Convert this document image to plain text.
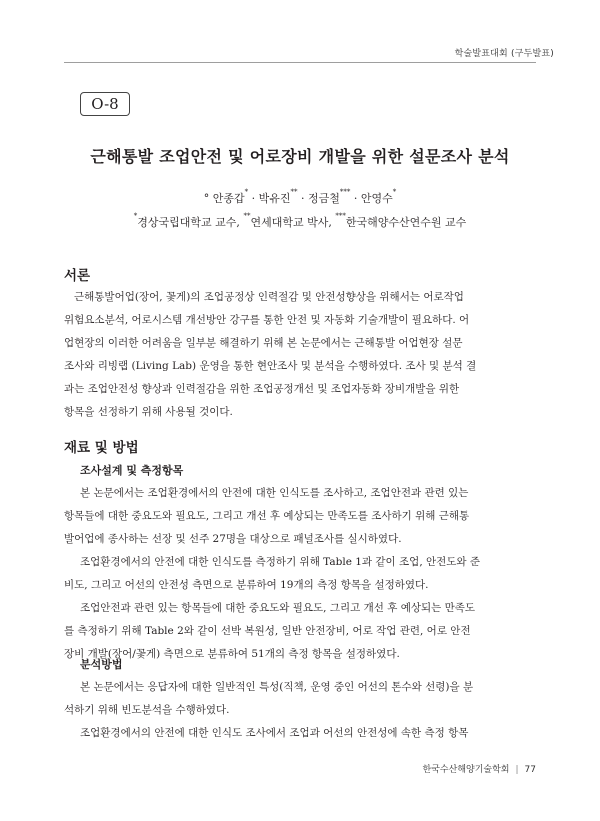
학술발표대회 (구두발표)
O-8
근해통발 조업안전 및 어로장비 개발을 위한 설문조사 분석
° 안종갑* · 박유진** · 정금철*** · 안영수*
*경상국립대학교 교수, **연세대학교 박사, ***한국해양수산연수원 교수
서론
근해통발어업(장어, 꽃게)의 조업공정상 인력절감 및 안전성향상을 위해서는 어로작업
위험요소분석, 어로시스템 개선방안 강구를 통한 안전 및 자동화 기술개발이 필요하다. 어
업현장의 이러한 어려움을 일부분 해결하기 위해 본 논문에서는 근해통발 어업현장 설문
조사와 리빙랩 (Living Lab) 운영을 통한 현안조사 및 분석을 수행하였다. 조사 및 분석 결
과는 조업안전성 향상과 인력절감을 위한 조업공정개선 및 조업자동화 장비개발을 위한
항목을 선정하기 위해 사용될 것이다.
재료 및 방법
조사설계 및 측정항목
본 논문에서는 조업환경에서의 안전에 대한 인식도를 조사하고, 조업안전과 관련 있는
항목들에 대한 중요도와 필요도, 그리고 개선 후 예상되는 만족도를 조사하기 위해 근해통
발어업에 종사하는 선장 및 선주 27명을 대상으로 패널조사를 실시하였다.
조업환경에서의 안전에 대한 인식도를 측정하기 위해 Table 1과 같이 조업, 안전도와 준
비도, 그리고 어선의 안전성 측면으로 분류하여 19개의 측정 항목을 설정하였다.
조업안전과 관련 있는 항목들에 대한 중요도와 필요도, 그리고 개선 후 예상되는 만족도
를 측정하기 위해 Table 2와 같이 선박 복원성, 일반 안전장비, 어로 작업 관련, 어로 안전
장비 개발(장어/꽃게) 측면으로 분류하여 51개의 측정 항목을 설정하였다.
분석방법
본 논문에서는 응답자에 대한 일반적인 특성(직책, 운영 중인 어선의 톤수와 선령)을 분
석하기 위해 빈도분석을 수행하였다.
조업환경에서의 안전에 대한 인식도 조사에서 조업과 어선의 안전성에 속한 측정 항목
한국수산해양기술학회 | 77
